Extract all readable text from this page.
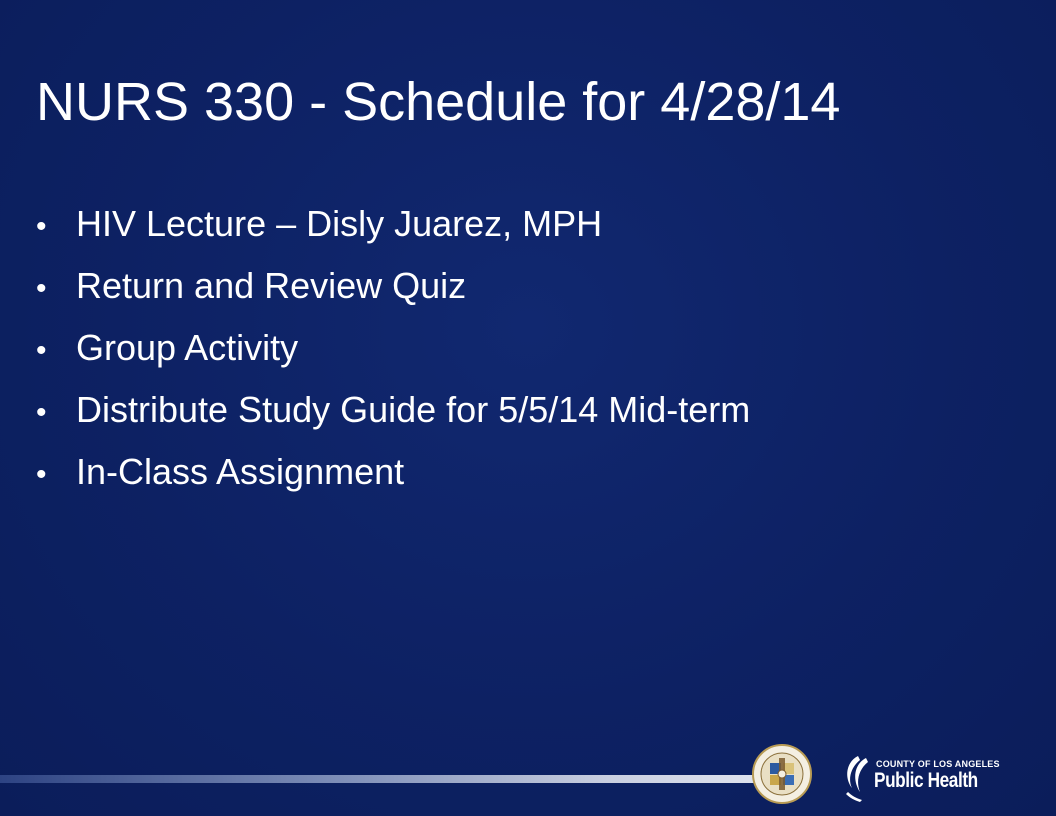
NURS 330 - Schedule for 4/28/14
• HIV Lecture – Disly Juarez, MPH
• Return and Review Quiz
• Group Activity
• Distribute Study Guide for 5/5/14 Mid-term
• In-Class Assignment
COUNTY OF LOS ANGELES
Public Health
